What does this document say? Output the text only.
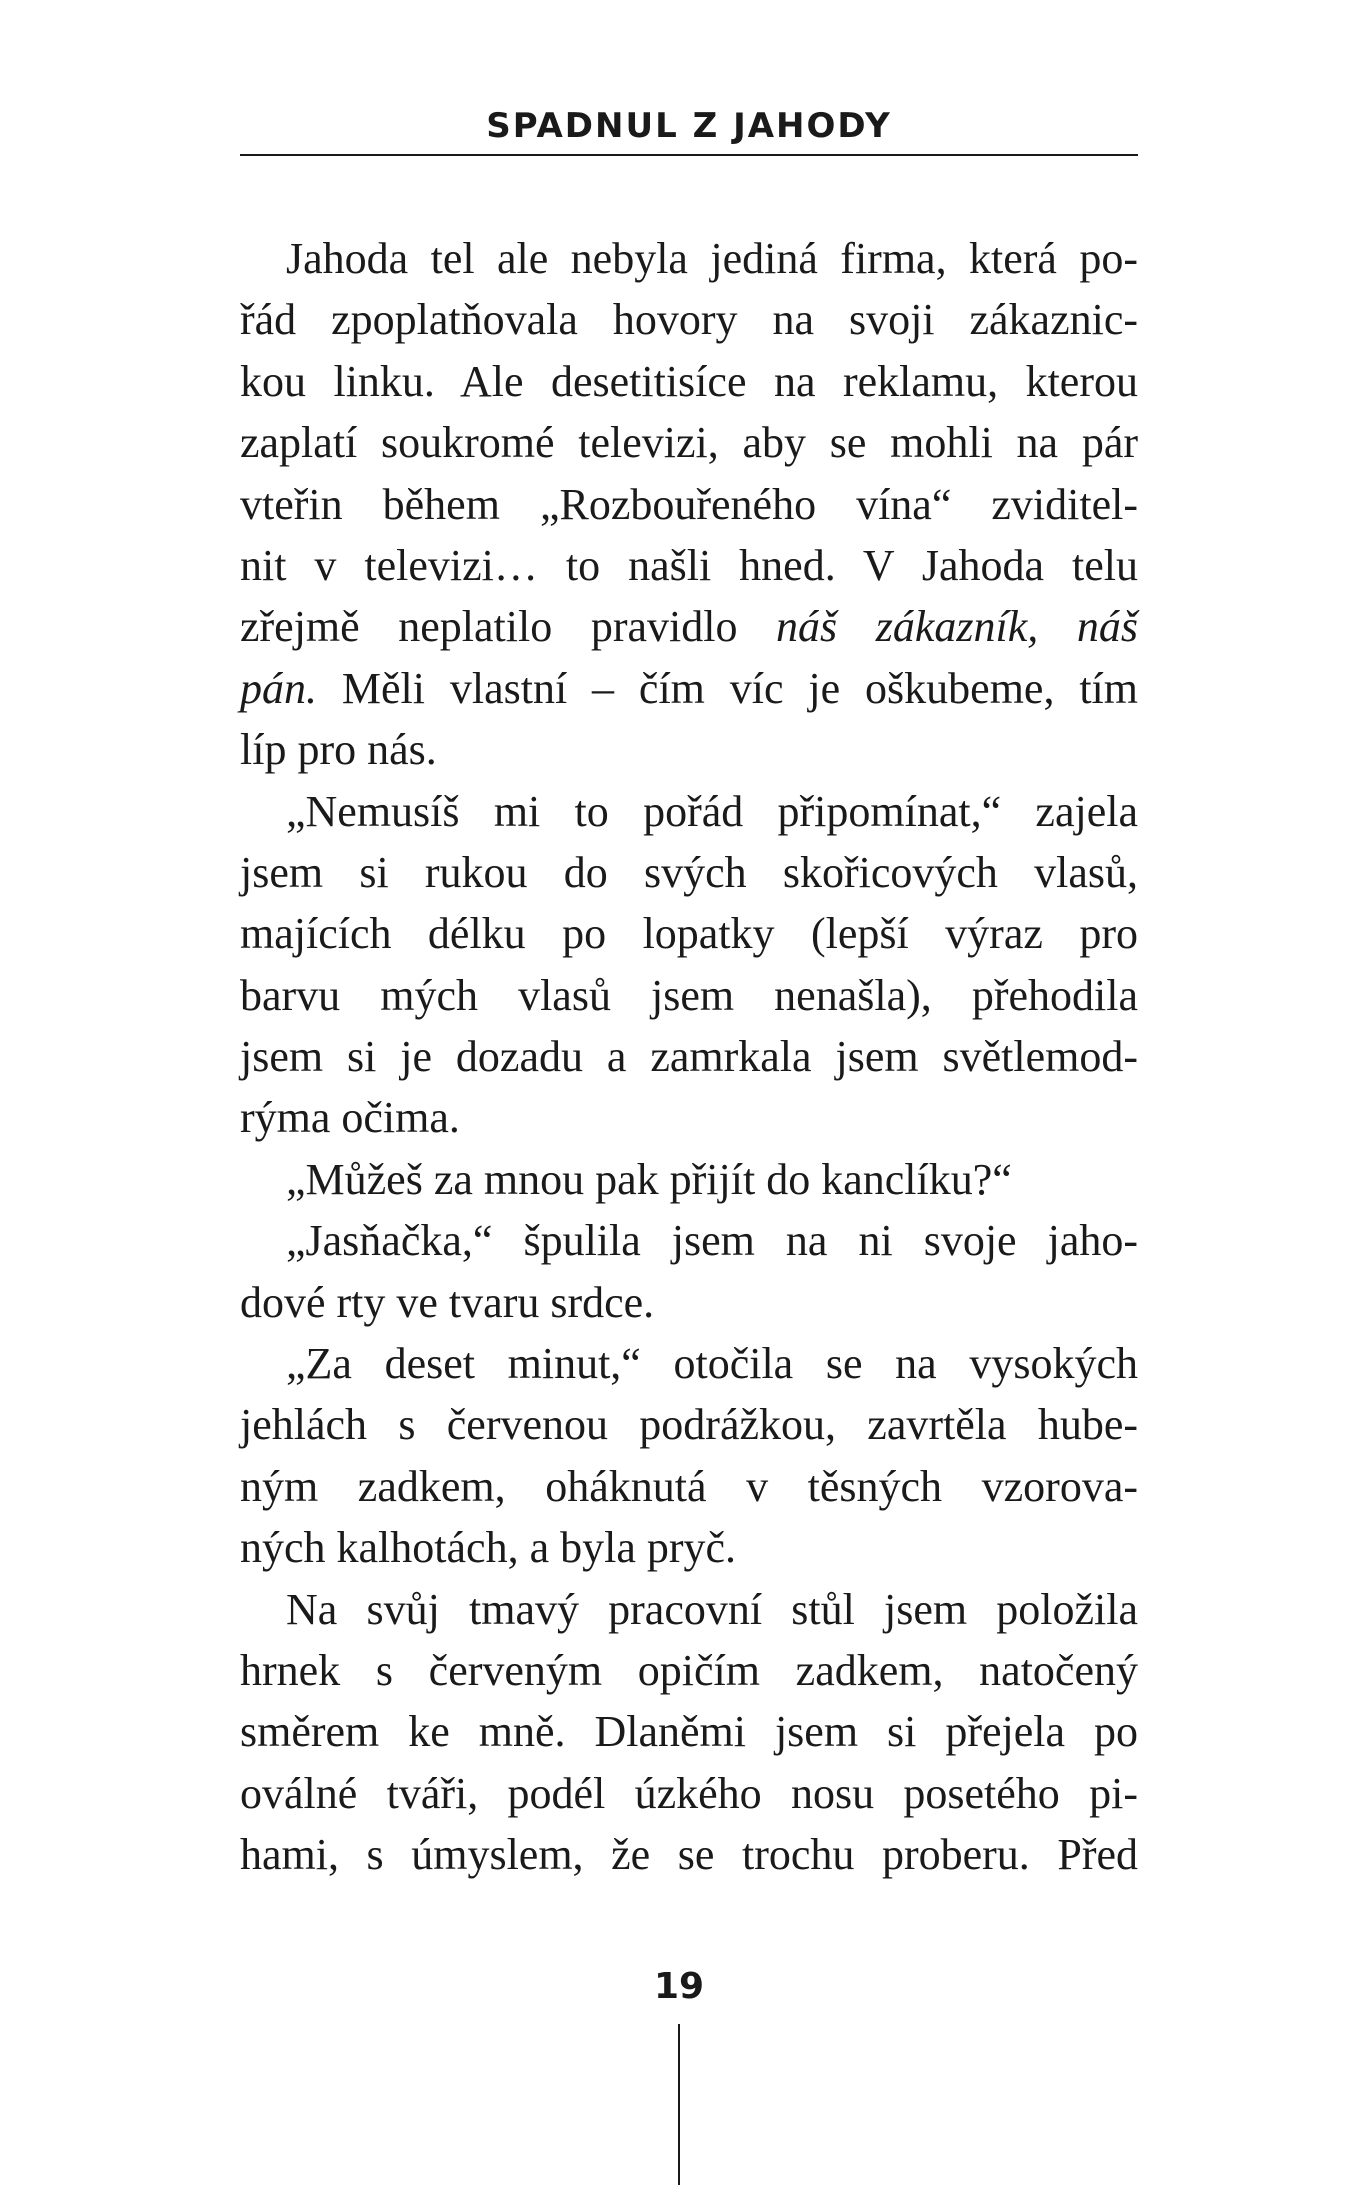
SPADNUL Z JAHODY
Jahoda tel ale nebyla jediná firma, která po-
řád zpoplatňovala hovory na svoji zákaznic-
kou linku. Ale desetitisíce na reklamu, kterou
zaplatí soukromé televizi, aby se mohli na pár
vteřin během „Rozbouřeného vína“ zviditel-
nit v televizi… to našli hned. V Jahoda telu
zřejmě neplatilo pravidlo náš zákazník, náš
pán. Měli vlastní – čím víc je oškubeme, tím
líp pro nás.
„Nemusíš mi to pořád připomínat,“ zajela
jsem si rukou do svých skořicových vlasů,
majících délku po lopatky (lepší výraz pro
barvu mých vlasů jsem nenašla), přehodila
jsem si je dozadu a zamrkala jsem světlemod-
rýma očima.
„Můžeš za mnou pak přijít do kanclíku?“
„Jasňačka,“ špulila jsem na ni svoje jaho-
dové rty ve tvaru srdce.
„Za deset minut,“ otočila se na vysokých
jehlách s červenou podrážkou, zavrtěla hube-
ným zadkem, oháknutá v těsných vzorova-
ných kalhotách, a byla pryč.
Na svůj tmavý pracovní stůl jsem položila
hrnek s červeným opičím zadkem, natočený
směrem ke mně. Dlaněmi jsem si přejela po
oválné tváři, podél úzkého nosu posetého pi-
hami, s úmyslem, že se trochu proberu. Před
19
